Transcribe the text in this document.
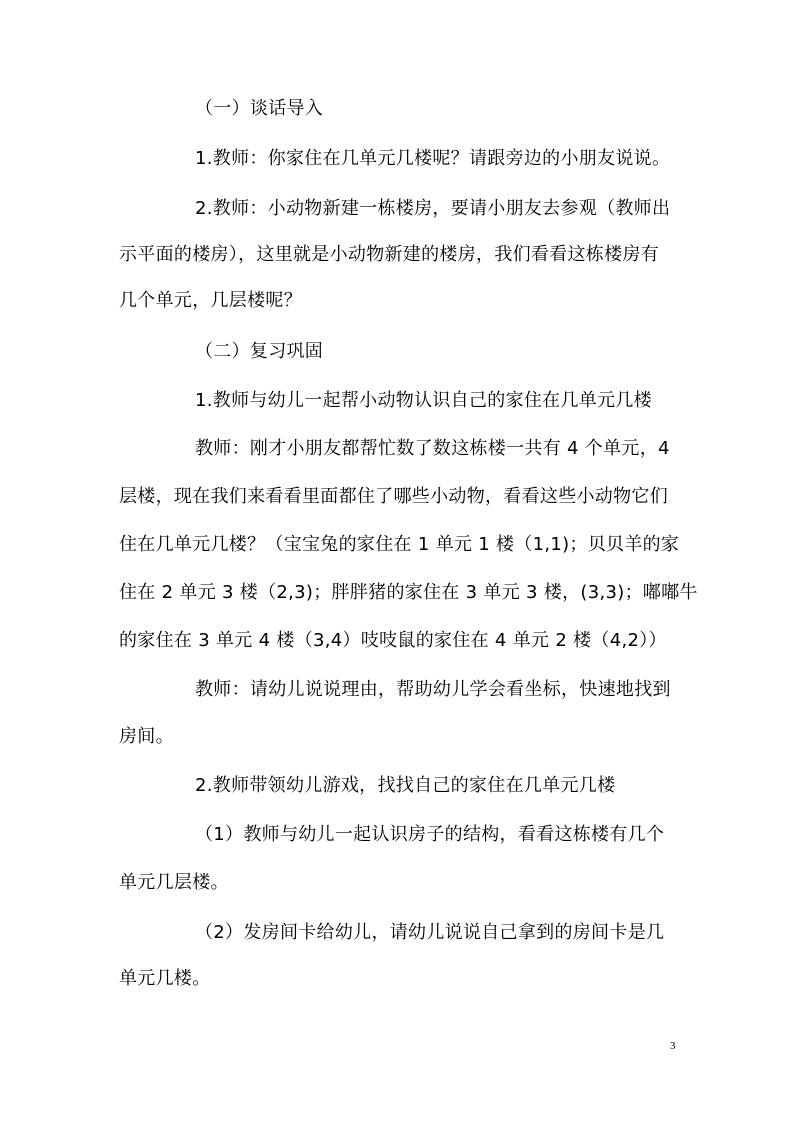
（一）谈话导入

1.教师：你家住在几单元几楼呢？请跟旁边的小朋友说说。

2.教师：小动物新建一栋楼房，要请小朋友去参观（教师出

示平面的楼房），这里就是小动物新建的楼房，我们看看这栋楼房有

几个单元，几层楼呢？

（二）复习巩固

1.教师与幼儿一起帮小动物认识自己的家住在几单元几楼

教师：刚才小朋友都帮忙数了数这栋楼一共有 4 个单元，4

层楼，现在我们来看看里面都住了哪些小动物，看看这些小动物它们

住在几单元几楼？（宝宝兔的家住在 1 单元 1 楼（1,1)；贝贝羊的家

住在 2 单元 3 楼（2,3)；胖胖猪的家住在 3 单元 3 楼，(3,3)；嘟嘟牛

的家住在 3 单元 4 楼（3,4）吱吱鼠的家住在 4 单元 2 楼（4,2））

教师：请幼儿说说理由，帮助幼儿学会看坐标，快速地找到

房间。

2.教师带领幼儿游戏，找找自己的家住在几单元几楼

（1）教师与幼儿一起认识房子的结构，看看这栋楼有几个

单元几层楼。

（2）发房间卡给幼儿，请幼儿说说自己拿到的房间卡是几

单元几楼。

3
